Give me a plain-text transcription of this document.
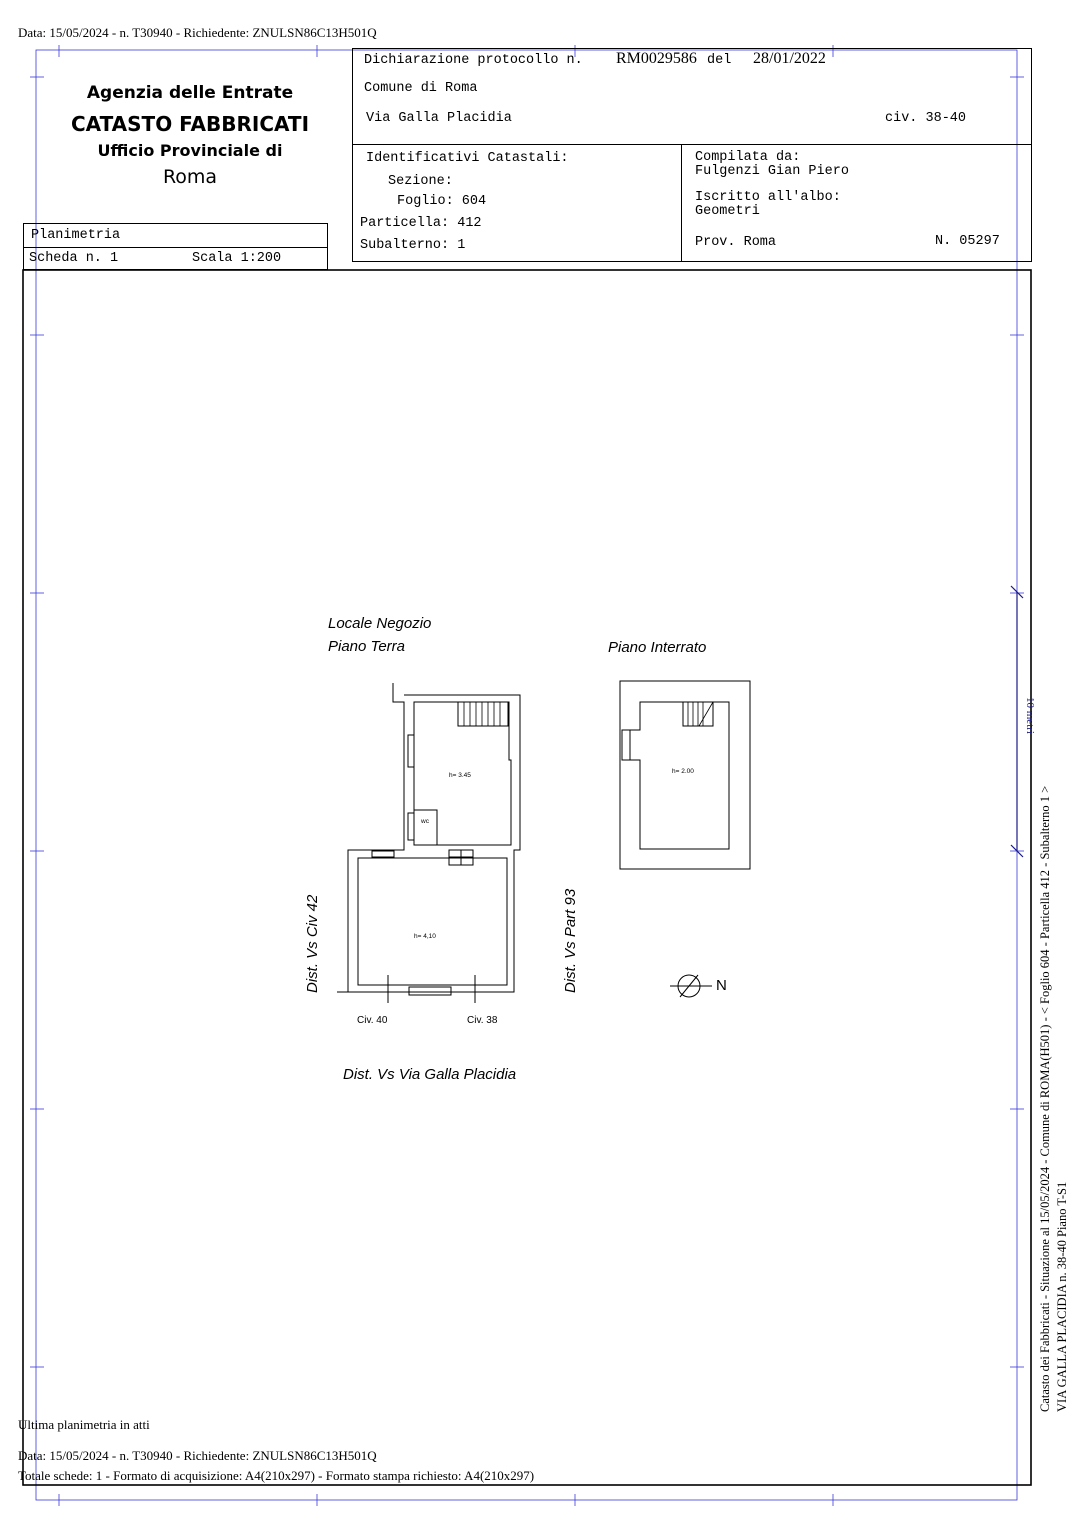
Data: 15/05/2024 - n. T30940 - Richiedente: ZNULSN86C13H501Q
Agenzia delle Entrate
CATASTO FABBRICATI
Ufficio Provinciale di
Roma
Planimetria
Scheda n. 1	Scala 1:200
Dichiarazione protocollo n. RM0029586 del 28/01/2022
Comune di Roma
Via Galla Placidia	civ. 38-40
Identificativi Catastali:
Sezione:
Foglio: 604
Particella: 412
Subalterno: 1
Compilata da:
Fulgenzi Gian Piero
Iscritto all'albo:
Geometri
Prov. Roma	N. 05297
Locale Negozio
Piano Terra	Piano Interrato
h= 3.45
h= 4,10
h= 2.00
wc
Civ. 40	Civ. 38
Dist. Vs Civ 42	Dist. Vs Part 93
Dist. Vs Via Galla Placidia
N	Catasto dei Fabbricati - Situazione al 15/05/2024 - Comune di ROMA(H501) - < Foglio 604 - Particella 412 - Subalterno 1 > VIA GALLA PLACIDIA n. 38-40 Piano T-S1
10 metri
Ultima planimetria in atti
Data: 15/05/2024 - n. T30940 - Richiedente: ZNULSN86C13H501Q
Totale schede: 1 - Formato di acquisizione: A4(210x297) - Formato stampa richiesto: A4(210x297)
